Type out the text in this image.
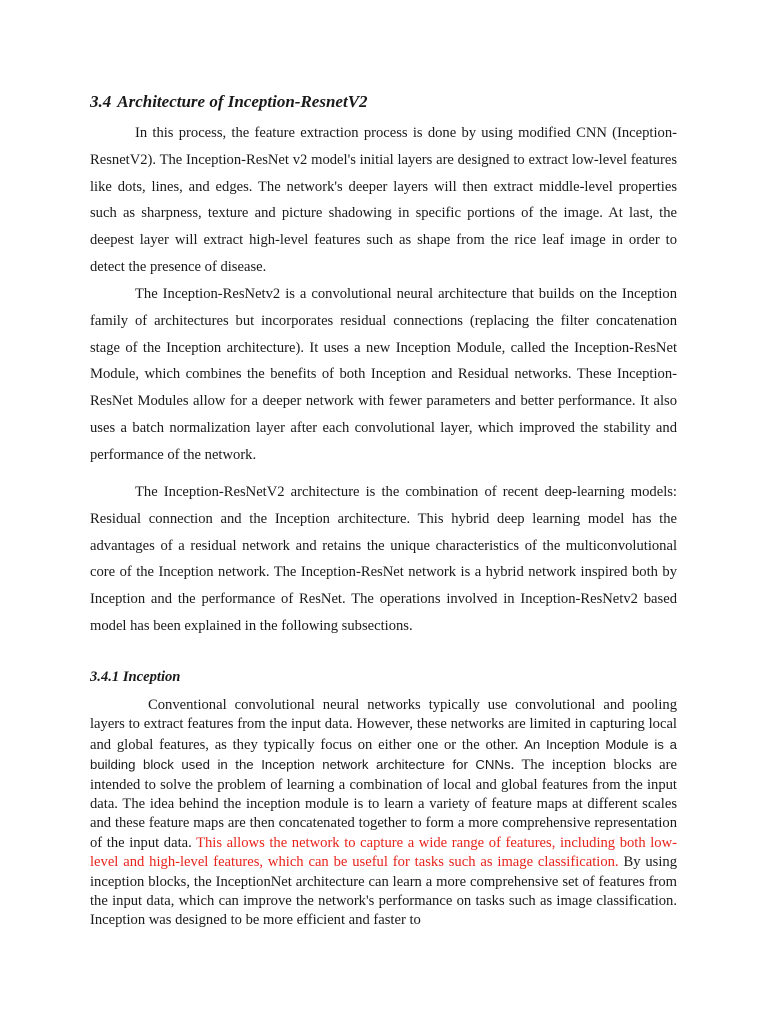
3.4 Architecture of Inception-ResnetV2

In this process, the feature extraction process is done by using modified CNN (Inception-ResnetV2). The Inception-ResNet v2 model's initial layers are designed to extract low-level features like dots, lines, and edges. The network's deeper layers will then extract middle-level properties such as sharpness, texture and picture shadowing in specific portions of the image. At last, the deepest layer will extract high-level features such as shape from the rice leaf image in order to detect the presence of disease.

The Inception-ResNetv2 is a convolutional neural architecture that builds on the Inception family of architectures but incorporates residual connections (replacing the filter concatenation stage of the Inception architecture). It uses a new Inception Module, called the Inception-ResNet Module, which combines the benefits of both Inception and Residual networks. These Inception-ResNet Modules allow for a deeper network with fewer parameters and better performance. It also uses a batch normalization layer after each convolutional layer, which improved the stability and performance of the network.

The Inception-ResNetV2 architecture is the combination of recent deep-learning models: Residual connection and the Inception architecture. This hybrid deep learning model has the advantages of a residual network and retains the unique characteristics of the multiconvolutional core of the Inception network. The Inception-ResNet network is a hybrid network inspired both by Inception and the performance of ResNet. The operations involved in Inception-ResNetv2 based model has been explained in the following subsections.

3.4.1 Inception

Conventional convolutional neural networks typically use convolutional and pooling layers to extract features from the input data. However, these networks are limited in capturing local and global features, as they typically focus on either one or the other. An Inception Module is a building block used in the Inception network architecture for CNNs. The inception blocks are intended to solve the problem of learning a combination of local and global features from the input data. The idea behind the inception module is to learn a variety of feature maps at different scales and these feature maps are then concatenated together to form a more comprehensive representation of the input data. This allows the network to capture a wide range of features, including both low-level and high-level features, which can be useful for tasks such as image classification. By using inception blocks, the InceptionNet architecture can learn a more comprehensive set of features from the input data, which can improve the network's performance on tasks such as image classification. Inception was designed to be more efficient and faster to
